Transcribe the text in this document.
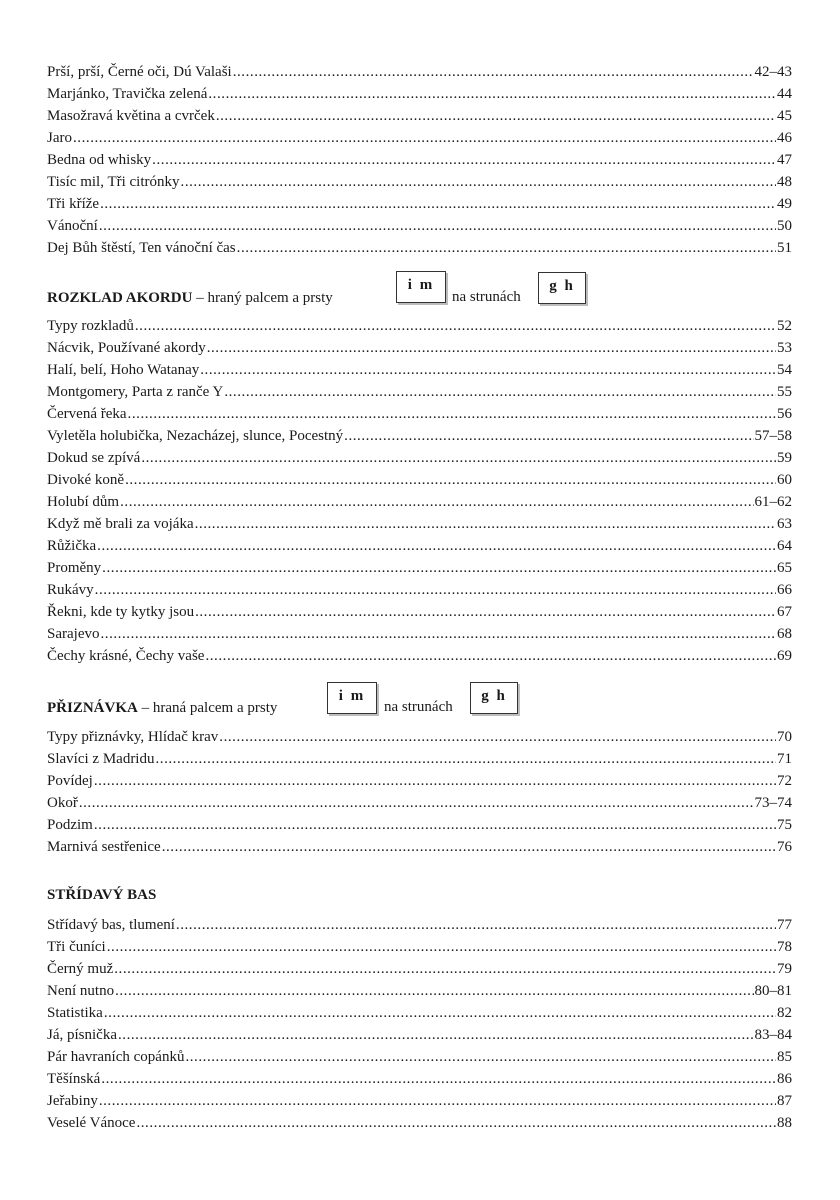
Prší, prší, Černé oči, Dú Valaši . . .	42–43
Marjánko, Travička zelená . . .	44
Masožravá květina a cvrček . . .	45
Jaro . . .	46
Bedna od whisky . . .	47
Tisíc mil, Tři citrónky . . .	48
Tři kříže . . .	49
Vánoční . . .	50
Dej Bůh štěstí, Ten vánoční čas . . .	51
ROZKLAD AKORDU – hraný palcem a prsty
i m
na strunách
g h
Typy rozkladů . . .	52
Nácvik, Používané akordy . . .	53
Halí, belí, Hoho Watanay . . .	54
Montgomery, Parta z ranče Y . . .	55
Červená řeka . . .	56
Vyletěla holubička, Nezacházej, slunce, Pocestný . . .	57–58
Dokud se zpívá . . .	59
Divoké koně . . .	60
Holubí dům . . .	61–62
Když mě brali za vojáka . . .	63
Růžička . . .	64
Proměny . . .	65
Rukávy . . .	66
Řekni, kde ty kytky jsou . . .	67
Sarajevo . . .	68
Čechy krásné, Čechy vaše . . .	69
PŘIZNÁVKA – hraná palcem a prsty
i m
na strunách
g h
Typy přiznávky, Hlídač krav . . .	70
Slavíci z Madridu . . .	71
Povídej . . .	72
Okoř . . .	73–74
Podzim . . .	75
Marnivá sestřenice . . .	76
STŘÍDAVÝ BAS
Střídavý bas, tlumení . . .	77
Tři čuníci . . .	78
Černý muž . . .	79
Není nutno . . .	80–81
Statistika . . .	82
Já, písnička . . .	83–84
Pár havraních copánků . . .	85
Těšínská . . .	86
Jeřabiny . . .	87
Veselé Vánoce . . .	88
